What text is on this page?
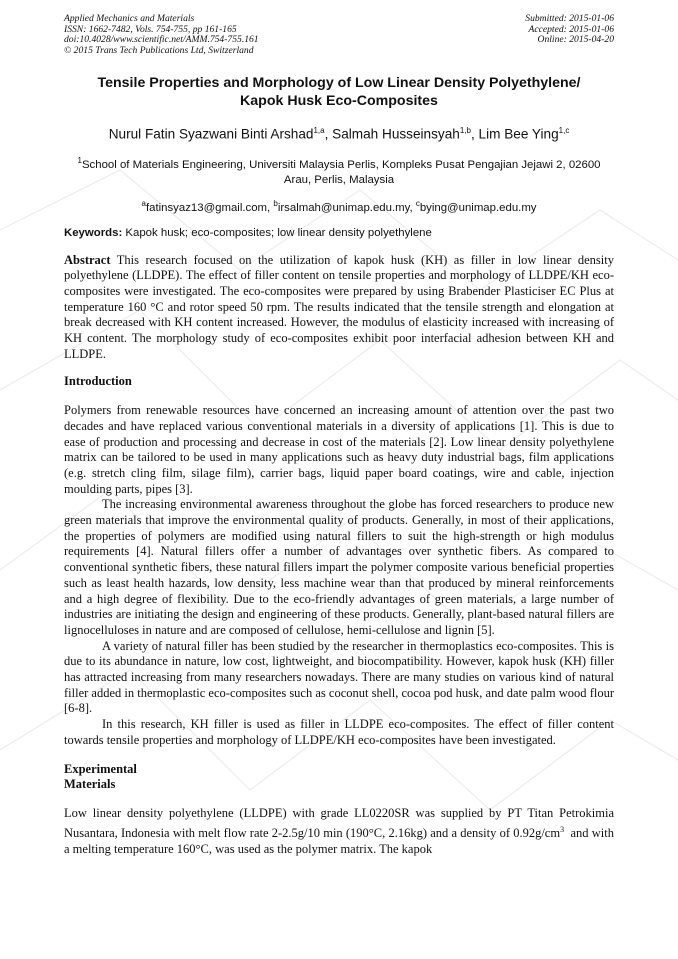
Applied Mechanics and Materials
ISSN: 1662-7482, Vols. 754-755, pp 161-165
doi:10.4028/www.scientific.net/AMM.754-755.161
© 2015 Trans Tech Publications Ltd, Switzerland
Submitted: 2015-01-06
Accepted: 2015-01-06
Online: 2015-04-20
Tensile Properties and Morphology of Low Linear Density Polyethylene/
Kapok Husk Eco-Composites
Nurul Fatin Syazwani Binti Arshad$^{1,a}$, Salmah Husseinsyah$^{1,b}$, Lim Bee Ying$^{1,c}$
$^1$School of Materials Engineering, Universiti Malaysia Perlis, Kompleks Pusat Pengajian Jejawi 2, 02600 Arau, Perlis, Malaysia
$^a$fatinsyaz13@gmail.com, $^b$irsalmah@unimap.edu.my, $^c$bying@unimap.edu.my
Keywords: Kapok husk; eco-composites; low linear density polyethylene

Abstract This research focused on the utilization of kapok husk (KH) as filler in low linear density polyethylene (LLDPE). The effect of filler content on tensile properties and morphology of LLDPE/KH eco-composites were investigated. The eco-composites were prepared by using Brabender Plasticiser EC Plus at temperature 160 °C and rotor speed 50 rpm. The results indicated that the tensile strength and elongation at break decreased with KH content increased. However, the modulus of elasticity increased with increasing of KH content. The morphology study of eco-composites exhibit poor interfacial adhesion between KH and LLDPE.

Introduction

Polymers from renewable resources have concerned an increasing amount of attention over the past two decades and have replaced various conventional materials in a diversity of applications [1]. This is due to ease of production and processing and decrease in cost of the materials [2]. Low linear density polyethylene matrix can be tailored to be used in many applications such as heavy duty industrial bags, film applications (e.g. stretch cling film, silage film), carrier bags, liquid paper board coatings, wire and cable, injection moulding parts, pipes [3].

The increasing environmental awareness throughout the globe has forced researchers to produce new green materials that improve the environmental quality of products. Generally, in most of their applications, the properties of polymers are modified using natural fillers to suit the high-strength or high modulus requirements [4]. Natural fillers offer a number of advantages over synthetic fibers. As compared to conventional synthetic fibers, these natural fillers impart the polymer composite various beneficial properties such as least health hazards, low density, less machine wear than that produced by mineral reinforcements and a high degree of flexibility. Due to the eco-friendly advantages of green materials, a large number of industries are initiating the design and engineering of these products. Generally, plant-based natural fillers are lignocelluloses in nature and are composed of cellulose, hemi-cellulose and lignin [5].

A variety of natural filler has been studied by the researcher in thermoplastics eco-composites. This is due to its abundance in nature, low cost, lightweight, and biocompatibility. However, kapok husk (KH) filler has attracted increasing from many researchers nowadays. There are many studies on various kind of natural filler added in thermoplastic eco-composites such as coconut shell, cocoa pod husk, and date palm wood flour [6-8].

In this research, KH filler is used as filler in LLDPE eco-composites. The effect of filler content towards tensile properties and morphology of LLDPE/KH eco-composites have been investigated.

Experimental
Materials

Low linear density polyethylene (LLDPE) with grade LL0220SR was supplied by PT Titan Petrokimia Nusantara, Indonesia with melt flow rate 2-2.5g/10 min (190°C, 2.16kg) and a density of $0.92g/cm^3$  and with a melting temperature 160°C, was used as the polymer matrix. The kapok
